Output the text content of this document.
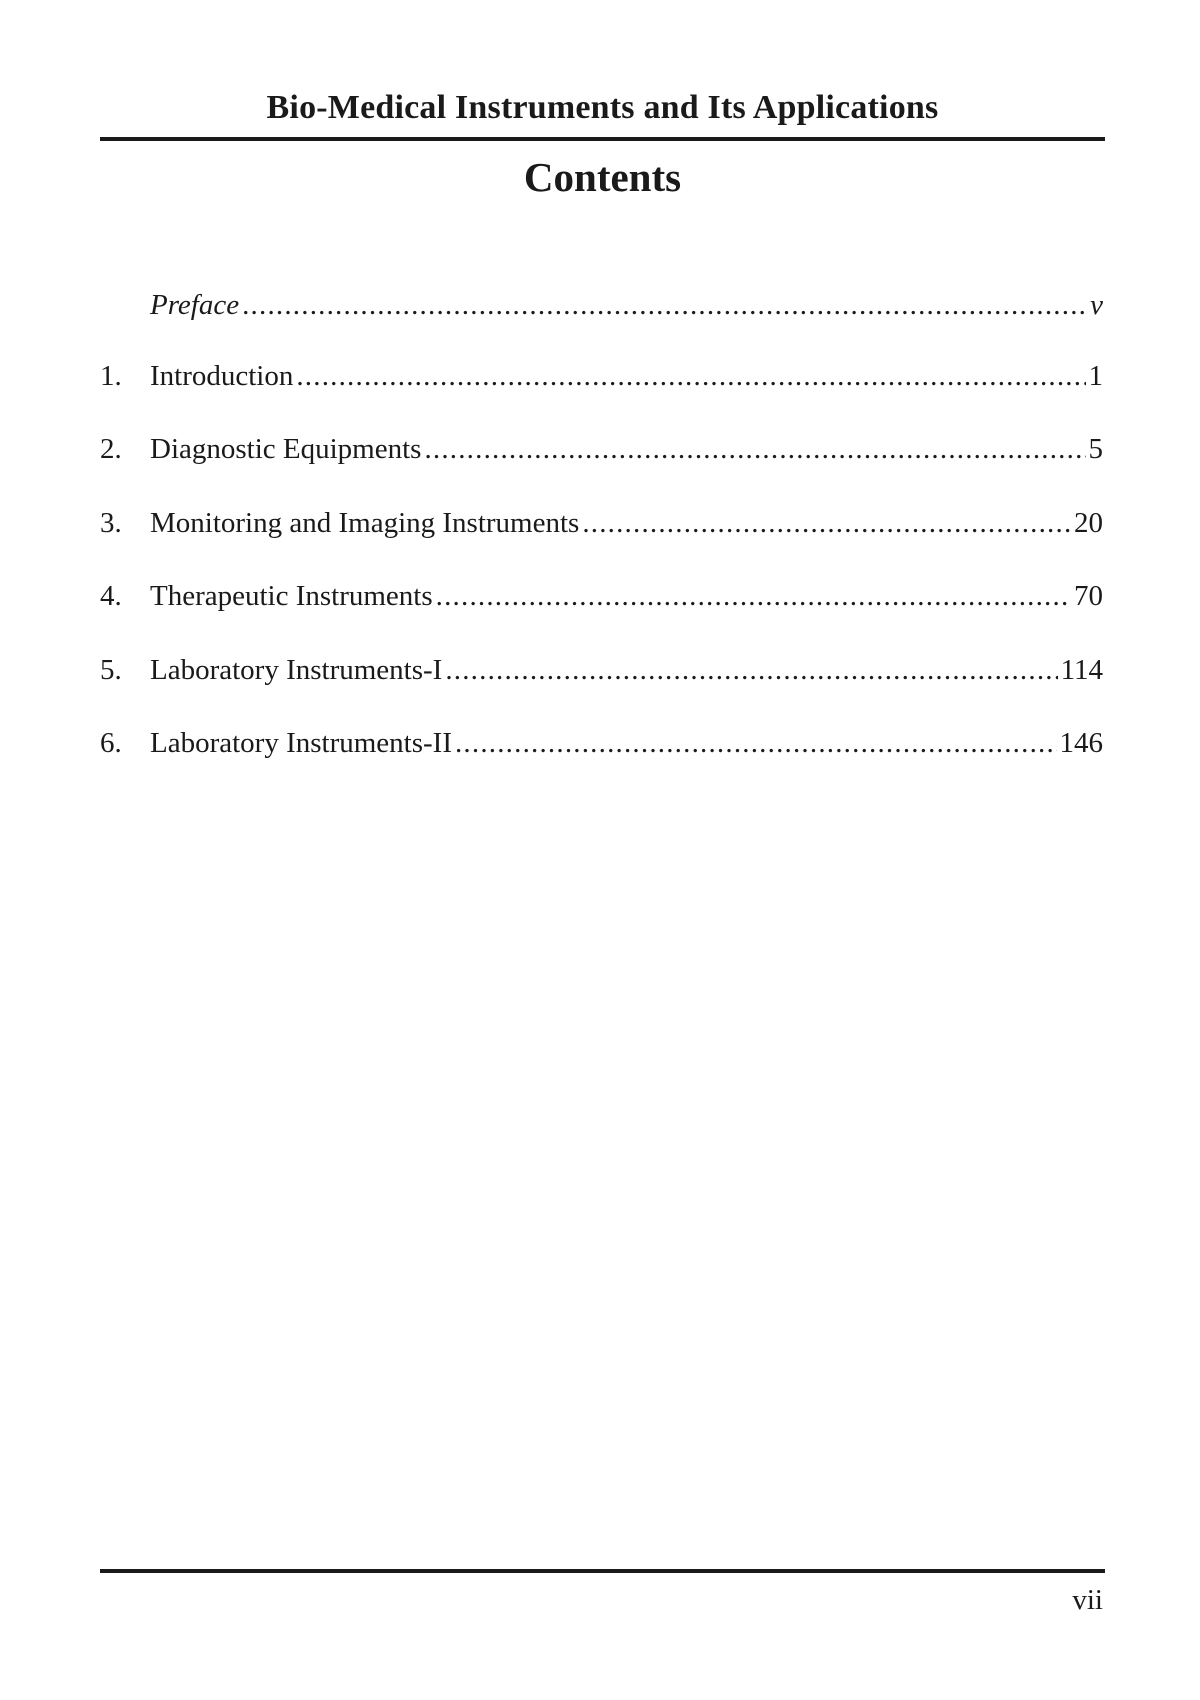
Bio-Medical Instruments and Its Applications
Contents
Preface .....	v
1. Introduction .....	1
2. Diagnostic Equipments .....	5
3. Monitoring and Imaging Instruments .....	20
4. Therapeutic Instruments .....	70
5. Laboratory Instruments-I .....	114
6. Laboratory Instruments-II .....	146
vii
